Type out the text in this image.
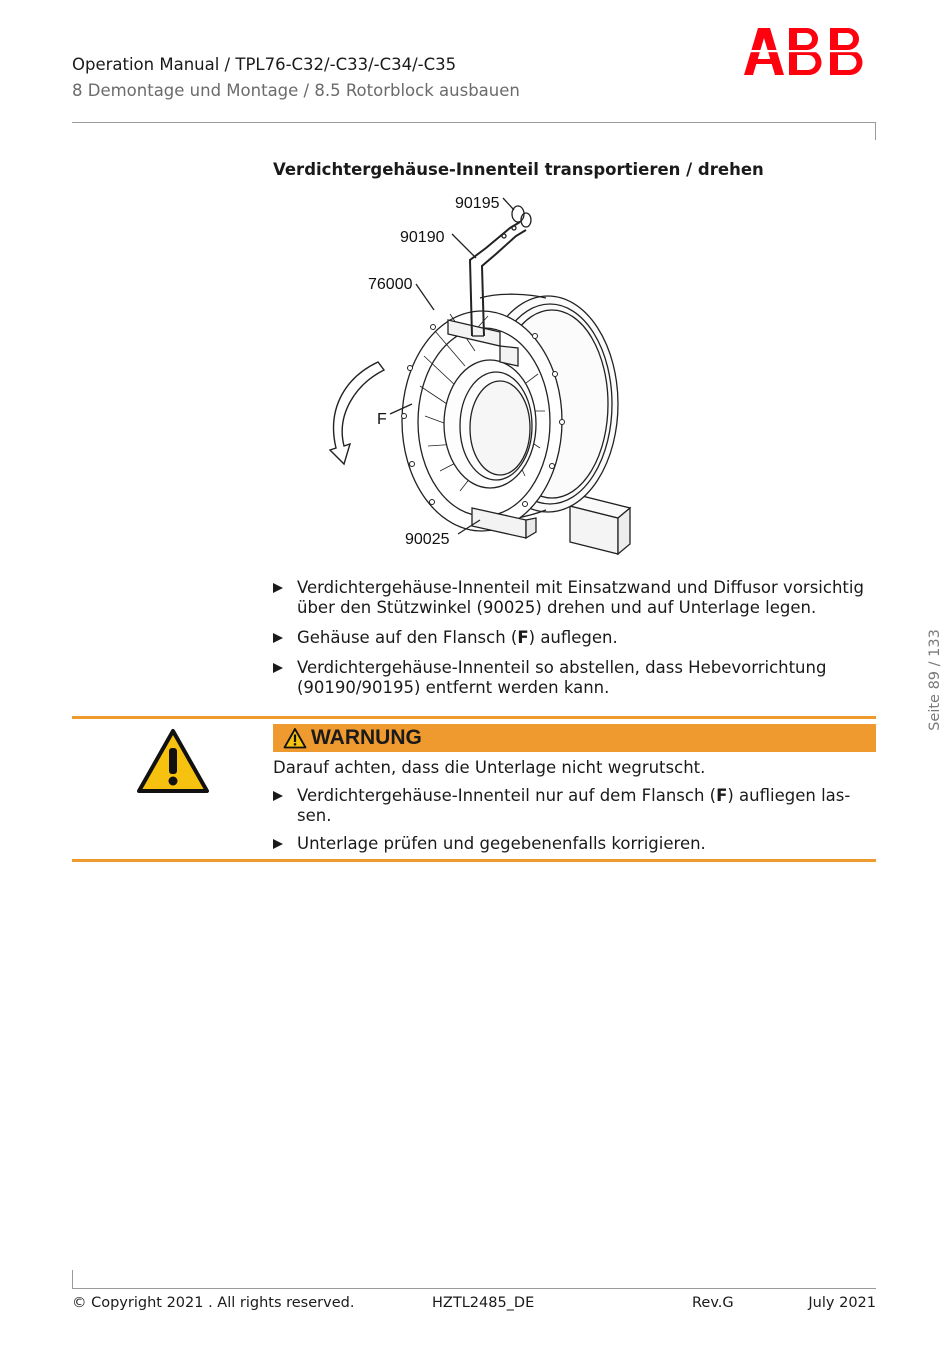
Operation Manual / TPL76-C32/-C33/-C34/-C35
8 Demontage und Montage / 8.5 Rotorblock ausbauen
Seite 89 / 133
Verdichtergehäuse-Innenteil transportieren / drehen
90195
90190
76000
F
90025
Verdichtergehäuse-Innenteil mit Einsatzwand und Diffusor vorsichtig über den Stützwinkel (90025) drehen und auf Unterlage legen.
Gehäuse auf den Flansch (F) auflegen.
Verdichtergehäuse-Innenteil so abstellen, dass Hebevorrichtung (90190/90195) entfernt werden kann.
WARNUNG
Darauf achten, dass die Unterlage nicht wegrutscht.
Verdichtergehäuse-Innenteil nur auf dem Flansch (F) aufliegen las-sen.
Unterlage prüfen und gegebenenfalls korrigieren.
© Copyright 2021 . All rights reserved.	HZTL2485_DE	Rev.G	July 2021
